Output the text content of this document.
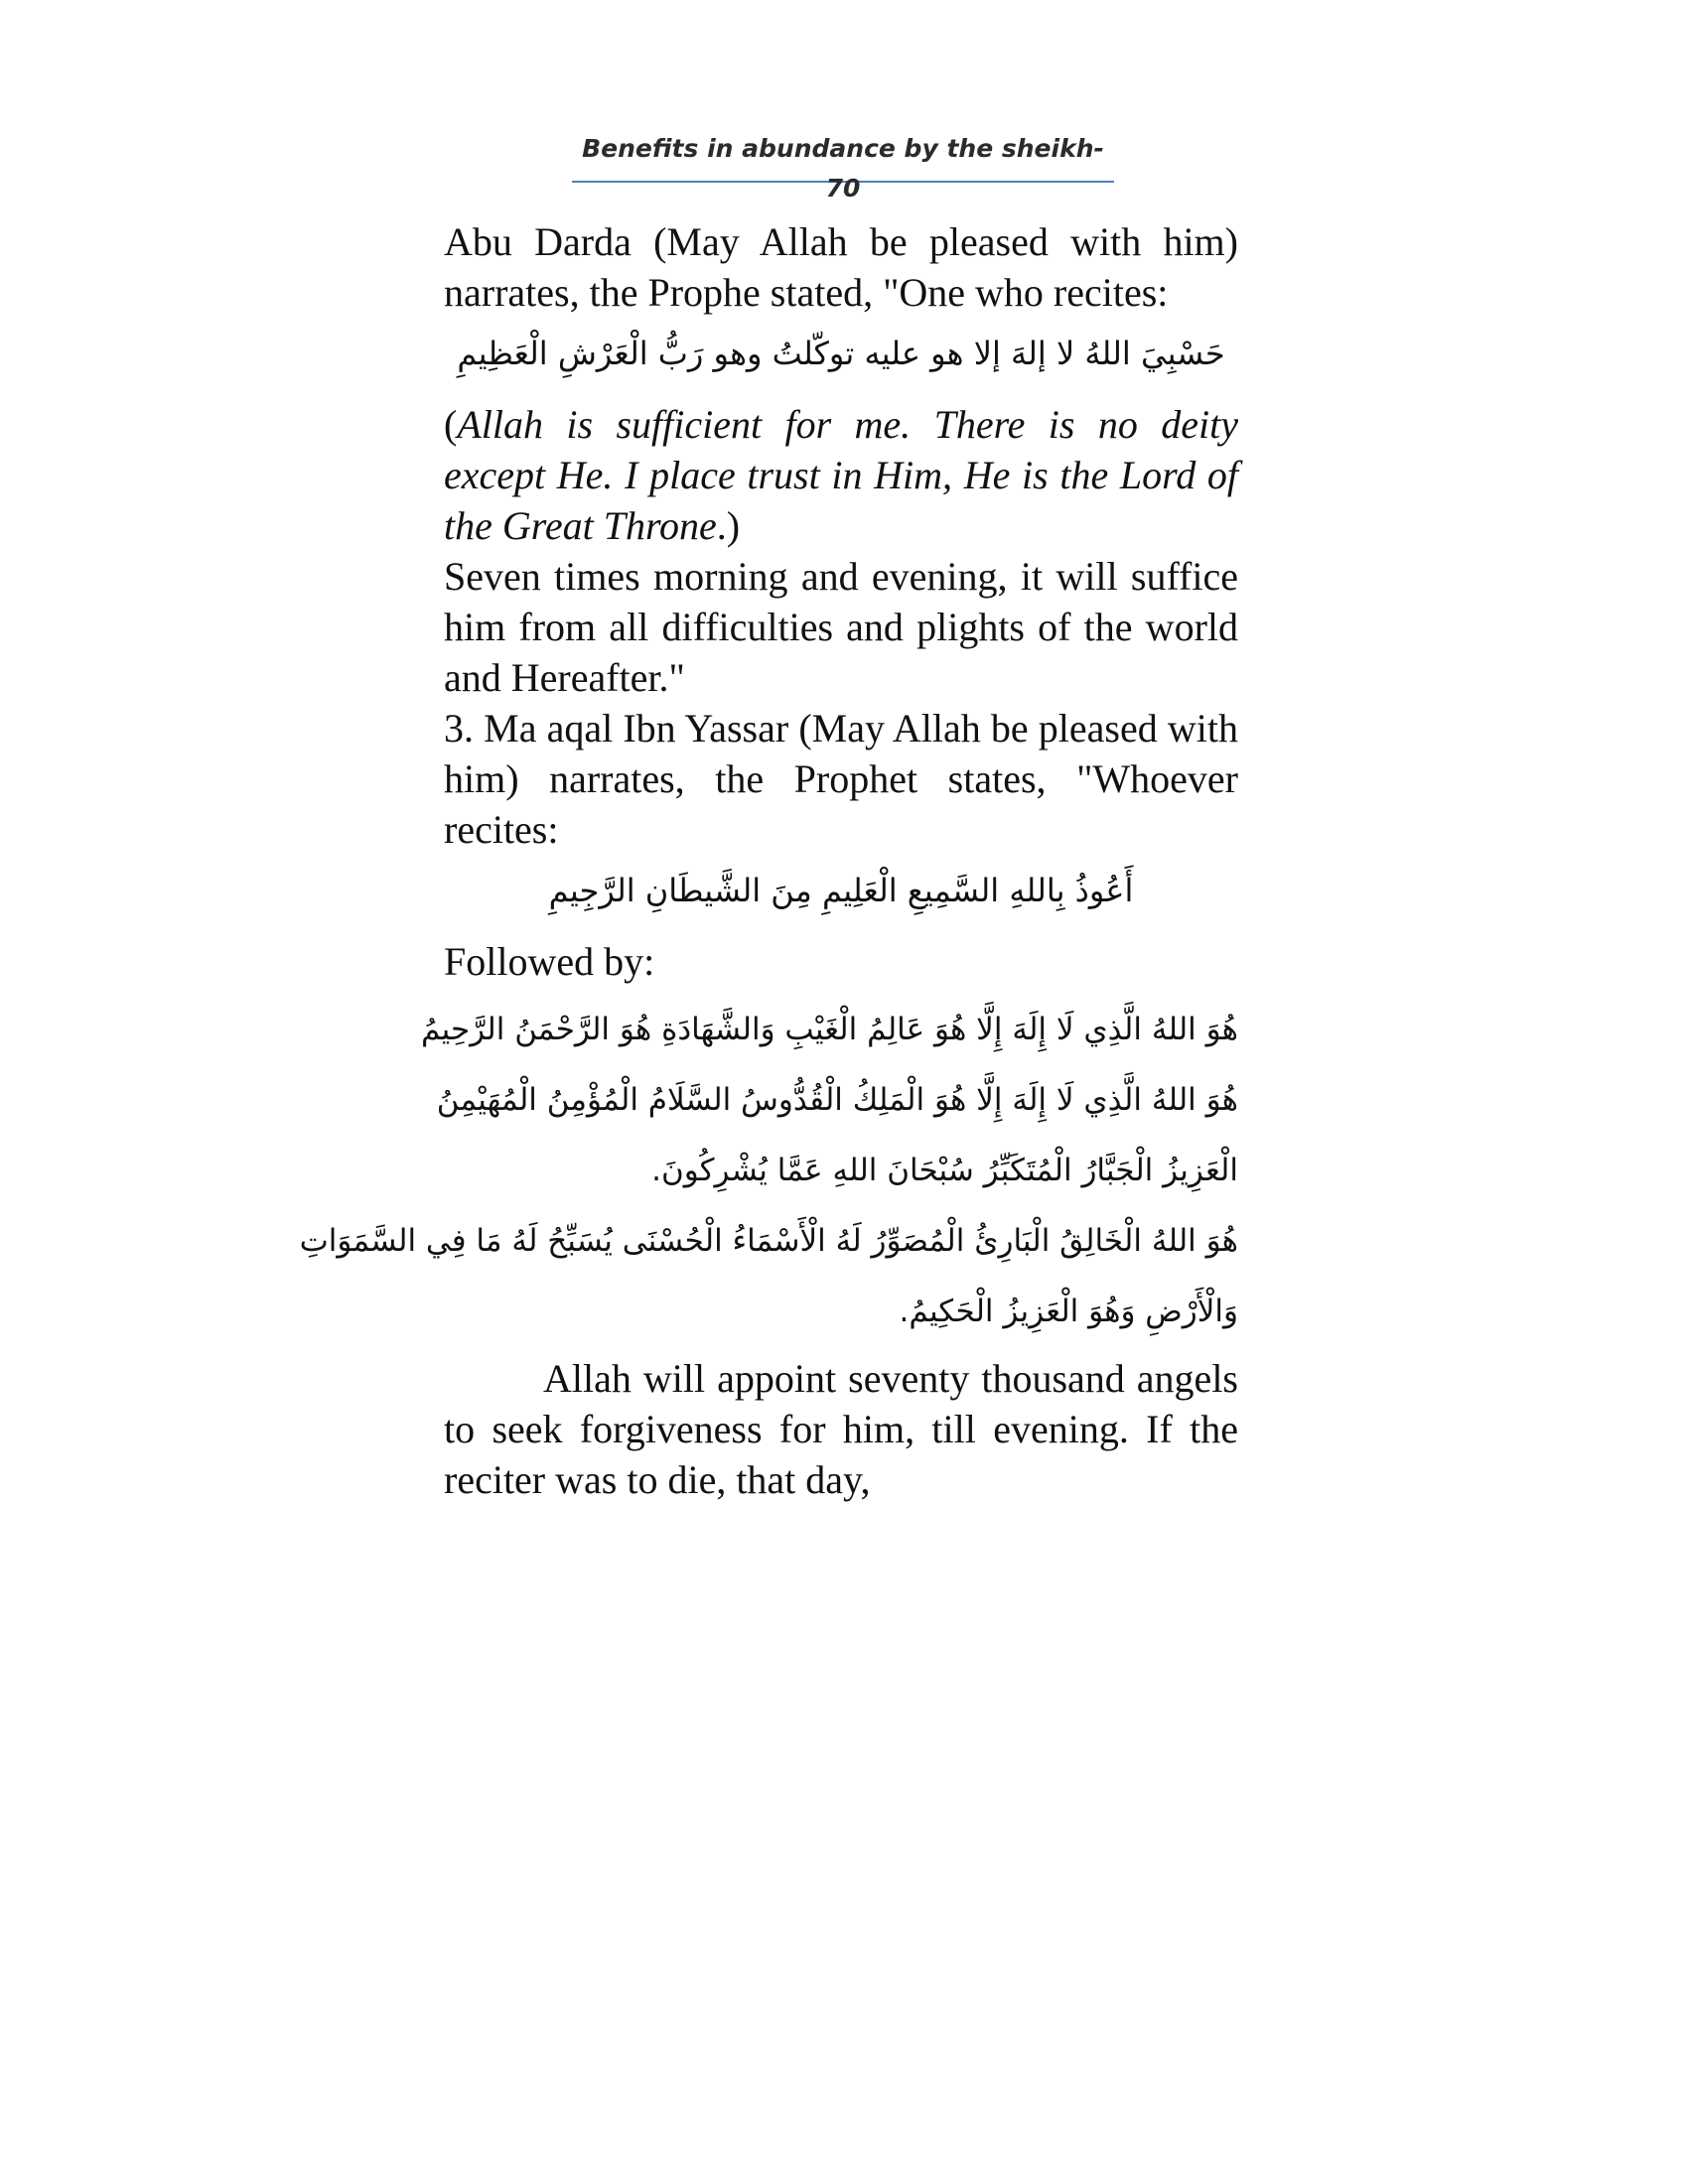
Benefits in abundance by the sheikh-70

Abu Darda (May Allah be pleased with him) narrates, the Prophe stated, "One who recites:

حَسْبِيَ اللهُ لا إلهَ إلا هو عليه توكّلتُ وهو رَبُّ الْعَرْشِ الْعَظِيمِ

(Allah is sufficient for me. There is no deity except He. I place trust in Him, He is the Lord of the Great Throne.)

Seven times morning and evening, it will suffice him from all difficulties and plights of the world and Hereafter."

3. Ma aqal Ibn Yassar (May Allah be pleased with him) narrates, the Prophet states, "Whoever recites:

أَعُوذُ بِاللهِ السَّمِيعِ الْعَلِيمِ مِنَ الشَّيطَانِ الرَّجِيمِ

Followed by:

هُوَ اللهُ الَّذِي لَا إِلَهَ إِلَّا هُوَ عَالِمُ الْغَيْبِ وَالشَّهَادَةِ هُوَ الرَّحْمَنُ الرَّحِيمُ
هُوَ اللهُ الَّذِي لَا إِلَهَ إِلَّا هُوَ الْمَلِكُ الْقُدُّوسُ السَّلَامُ الْمُؤْمِنُ الْمُهَيْمِنُ
الْعَزِيزُ الْجَبَّارُ الْمُتَكَبِّرُ سُبْحَانَ اللهِ عَمَّا يُشْرِكُونَ.
هُوَ اللهُ الْخَالِقُ الْبَارِئُ الْمُصَوِّرُ لَهُ الْأَسْمَاءُ الْحُسْنَى يُسَبِّحُ لَهُ مَا فِي السَّمَوَاتِ
وَالْأَرْضِ وَهُوَ الْعَزِيزُ الْحَكِيمُ.

Allah will appoint seventy thousand angels to seek forgiveness for him, till evening. If the reciter was to die, that day,
